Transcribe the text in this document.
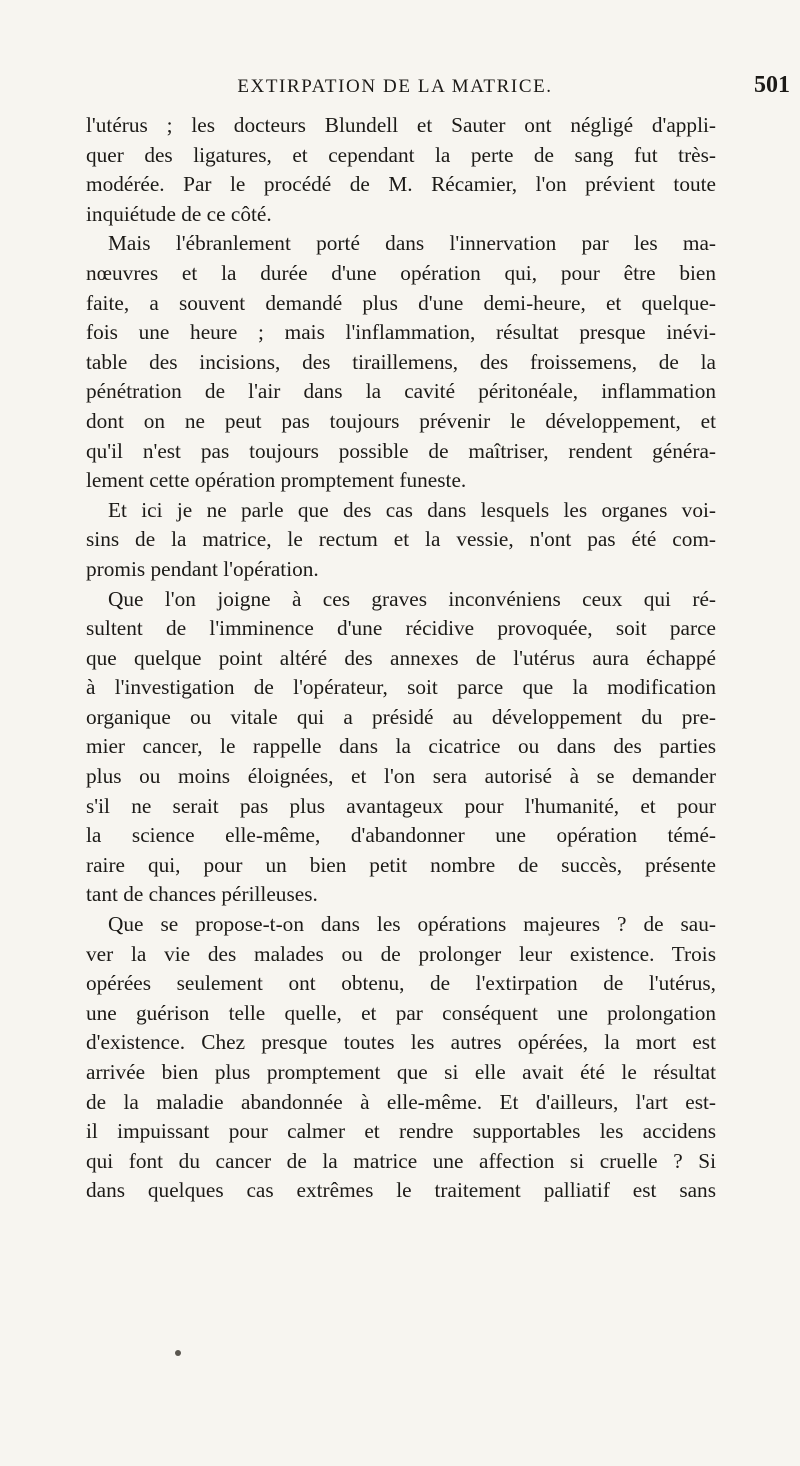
EXTIRPATION DE LA MATRICE.	501
l'utérus ; les docteurs Blundell et Sauter ont négligé d'appli-
quer des ligatures, et cependant la perte de sang fut très-
modérée. Par le procédé de M. Récamier, l'on prévient toute
inquiétude de ce côté.
Mais l'ébranlement porté dans l'innervation par les ma-
nœuvres et la durée d'une opération qui, pour être bien
faite, a souvent demandé plus d'une demi-heure, et quelque-
fois une heure ; mais l'inflammation, résultat presque inévi-
table des incisions, des tiraillemens, des froissemens, de la
pénétration de l'air dans la cavité péritonéale, inflammation
dont on ne peut pas toujours prévenir le développement, et
qu'il n'est pas toujours possible de maîtriser, rendent généra-
lement cette opération promptement funeste.
Et ici je ne parle que des cas dans lesquels les organes voi-
sins de la matrice, le rectum et la vessie, n'ont pas été com-
promis pendant l'opération.
Que l'on joigne à ces graves inconvéniens ceux qui ré-
sultent de l'imminence d'une récidive provoquée, soit parce
que quelque point altéré des annexes de l'utérus aura échappé
à l'investigation de l'opérateur, soit parce que la modification
organique ou vitale qui a présidé au développement du pre-
mier cancer, le rappelle dans la cicatrice ou dans des parties
plus ou moins éloignées, et l'on sera autorisé à se demander
s'il ne serait pas plus avantageux pour l'humanité, et pour
la science elle-même, d'abandonner une opération témé-
raire qui, pour un bien petit nombre de succès, présente
tant de chances périlleuses.
Que se propose-t-on dans les opérations majeures ? de sau-
ver la vie des malades ou de prolonger leur existence. Trois
opérées seulement ont obtenu, de l'extirpation de l'utérus,
une guérison telle quelle, et par conséquent une prolongation
d'existence. Chez presque toutes les autres opérées, la mort est
arrivée bien plus promptement que si elle avait été le résultat
de la maladie abandonnée à elle-même. Et d'ailleurs, l'art est-
il impuissant pour calmer et rendre supportables les accidens
qui font du cancer de la matrice une affection si cruelle ? Si
dans quelques cas extrêmes le traitement palliatif est sans
